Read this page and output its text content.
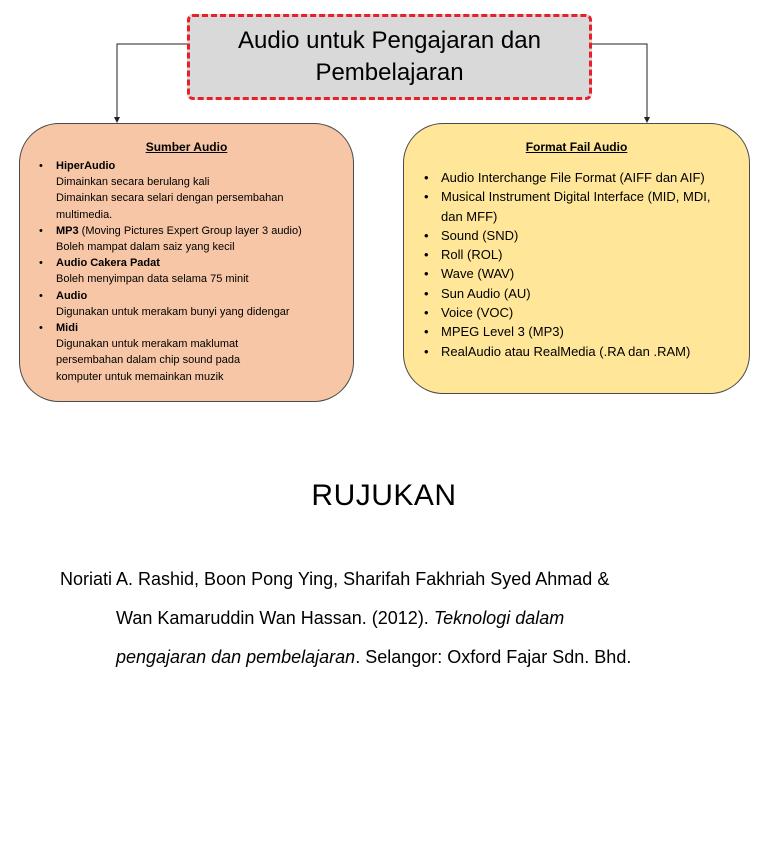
Audio untuk Pengajaran dan Pembelajaran

Sumber Audio

• HiperAudio
Dimainkan secara berulang kali
Dimainkan secara selari dengan persembahan multimedia.
• MP3 (Moving Pictures Expert Group layer 3 audio)
Boleh mampat dalam saiz yang kecil
• Audio Cakera Padat
Boleh menyimpan data selama 75 minit
• Audio
Digunakan untuk merakam bunyi yang didengar
• Midi
Digunakan untuk merakam maklumat persembahan dalam chip sound pada komputer untuk memainkan muzik

Format Fail Audio

• Audio Interchange File Format (AIFF dan AIF)
• Musical Instrument Digital Interface (MID, MDI, dan MFF)
• Sound (SND)
• Roll (ROL)
• Wave (WAV)
• Sun Audio (AU)
• Voice (VOC)
• MPEG Level 3 (MP3)
• RealAudio atau RealMedia (.RA dan .RAM)
RUJUKAN
Noriati A. Rashid, Boon Pong Ying, Sharifah Fakhriah Syed Ahmad &
Wan Kamaruddin Wan Hassan. (2012). Teknologi dalam
pengajaran dan pembelajaran. Selangor: Oxford Fajar Sdn. Bhd.
